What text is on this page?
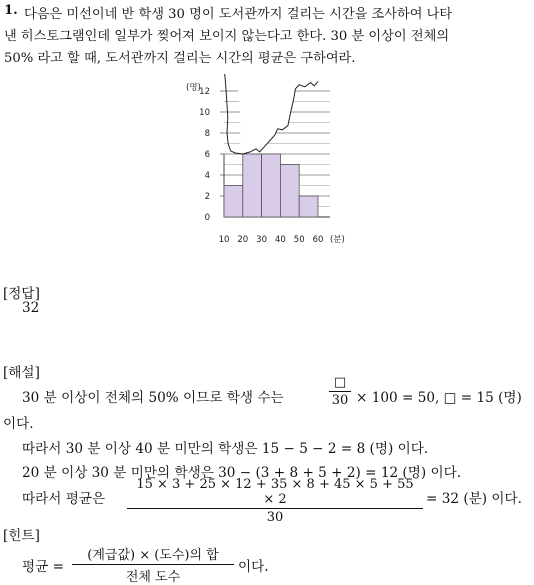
1. 다음은 미선이네 반 학생 30 명이 도서관까지 걸리는 시간을 조사하여 나타
낸 히스토그램인데 일부가 찢어져 보이지 않는다고 한다. 30 분 이상이 전체의
50% 라고 할 때, 도서관까지 걸리는 시간의 평균은 구하여라.
0
2
4
6
8
10
12
10 20 30 40 50 60
(명)
(분)
[정답]
32
[해설]
30 분 이상이 전체의 50% 이므로 학생 수는
□
30 × 100 = 50, □ = 15 (명)
이다.
따라서 30 분 이상 40 분 미만의 학생은 15 − 5 − 2 = 8 (명) 이다.
20 분 이상 30 분 미만의 학생은 30 − (3 + 8 + 5 + 2) = 12 (명) 이다.
따라서 평균은
15 × 3 + 25 × 12 + 35 × 8 + 45 × 5 + 55 × 2
30
= 32 (분) 이다.
[힌트]
평균 =
(계급값) × (도수)의 합
전체 도수
이다.
